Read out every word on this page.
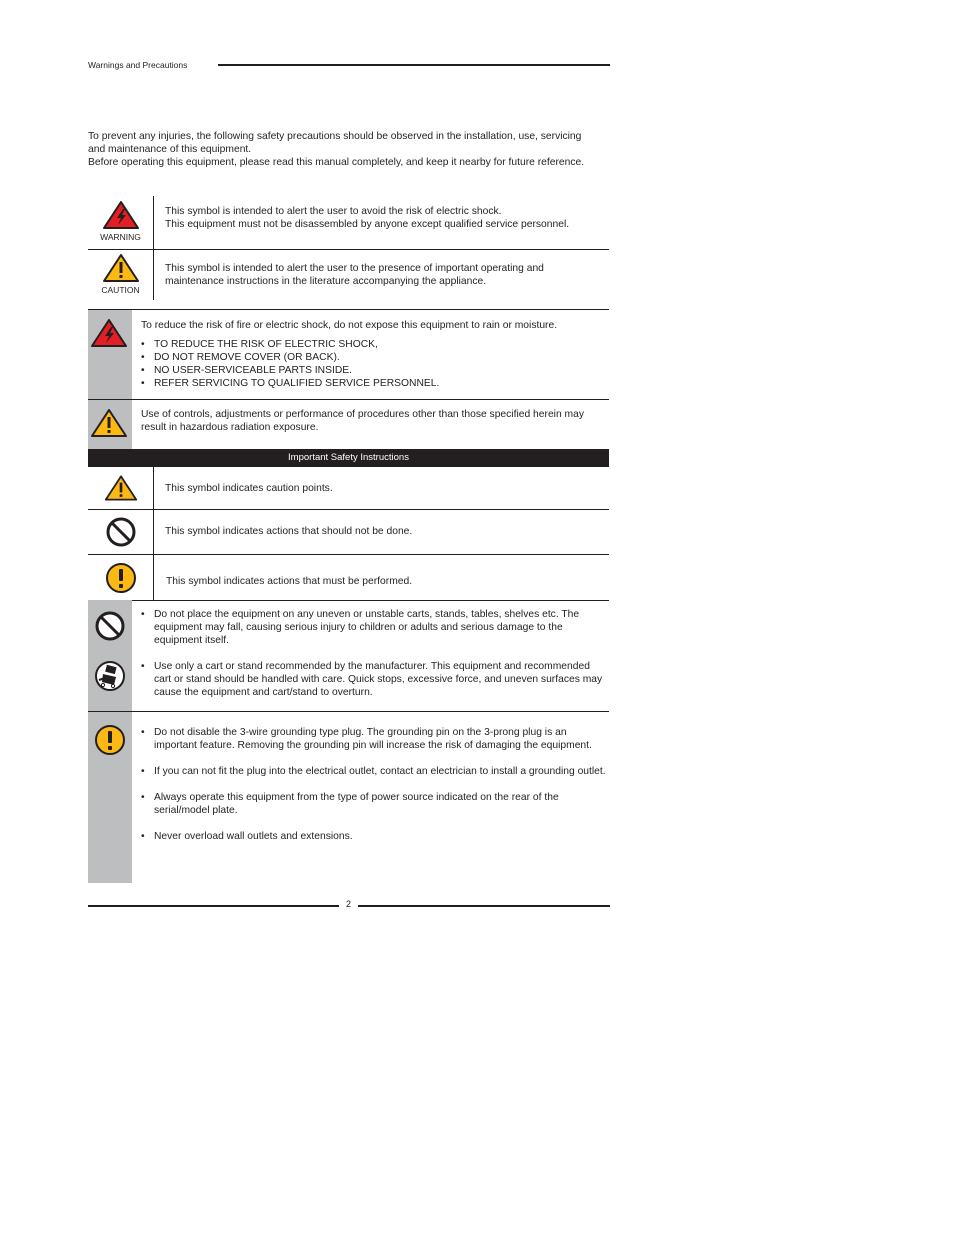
Warnings and Precautions

To prevent any injuries, the following safety precautions should be observed in the installation, use, servicing and maintenance of this equipment.

Before operating this equipment, please read this manual completely, and keep it nearby for future reference.

WARNING
This symbol is intended to alert the user to avoid the risk of electric shock.
This equipment must not be disassembled by anyone except qualified service personnel.
CAUTION
This symbol is intended to alert the user to the presence of important operating and maintenance instructions in the literature accompanying the appliance.

To reduce the risk of fire or electric shock, do not expose this equipment to rain or moisture.

• TO REDUCE THE RISK OF ELECTRIC SHOCK,
• DO NOT REMOVE COVER (OR BACK).
• NO USER-SERVICEABLE PARTS INSIDE.
• REFER SERVICING TO QUALIFIED SERVICE PERSONNEL.
Use of controls, adjustments or performance of procedures other than those specified herein may result in hazardous radiation exposure.
Important Safety Instructions
This symbol indicates caution points.
This symbol indicates actions that should not be done.
This symbol indicates actions that must be performed.
• Do not place the equipment on any uneven or unstable carts, stands, tables, shelves etc. The equipment may fall, causing serious injury to children or adults and serious damage to the equipment itself.
• Use only a cart or stand recommended by the manufacturer. This equipment and recommended cart or stand should be handled with care. Quick stops, excessive force, and uneven surfaces may cause the equipment and cart/stand to overturn.
• Do not disable the 3-wire grounding type plug. The grounding pin on the 3-prong plug is an important feature. Removing the grounding pin will increase the risk of damaging the equipment.
• If you can not fit the plug into the electrical outlet, contact an electrician to install a grounding outlet.
• Always operate this equipment from the type of power source indicated on the rear of the serial/model plate.
• Never overload wall outlets and extensions.
2
